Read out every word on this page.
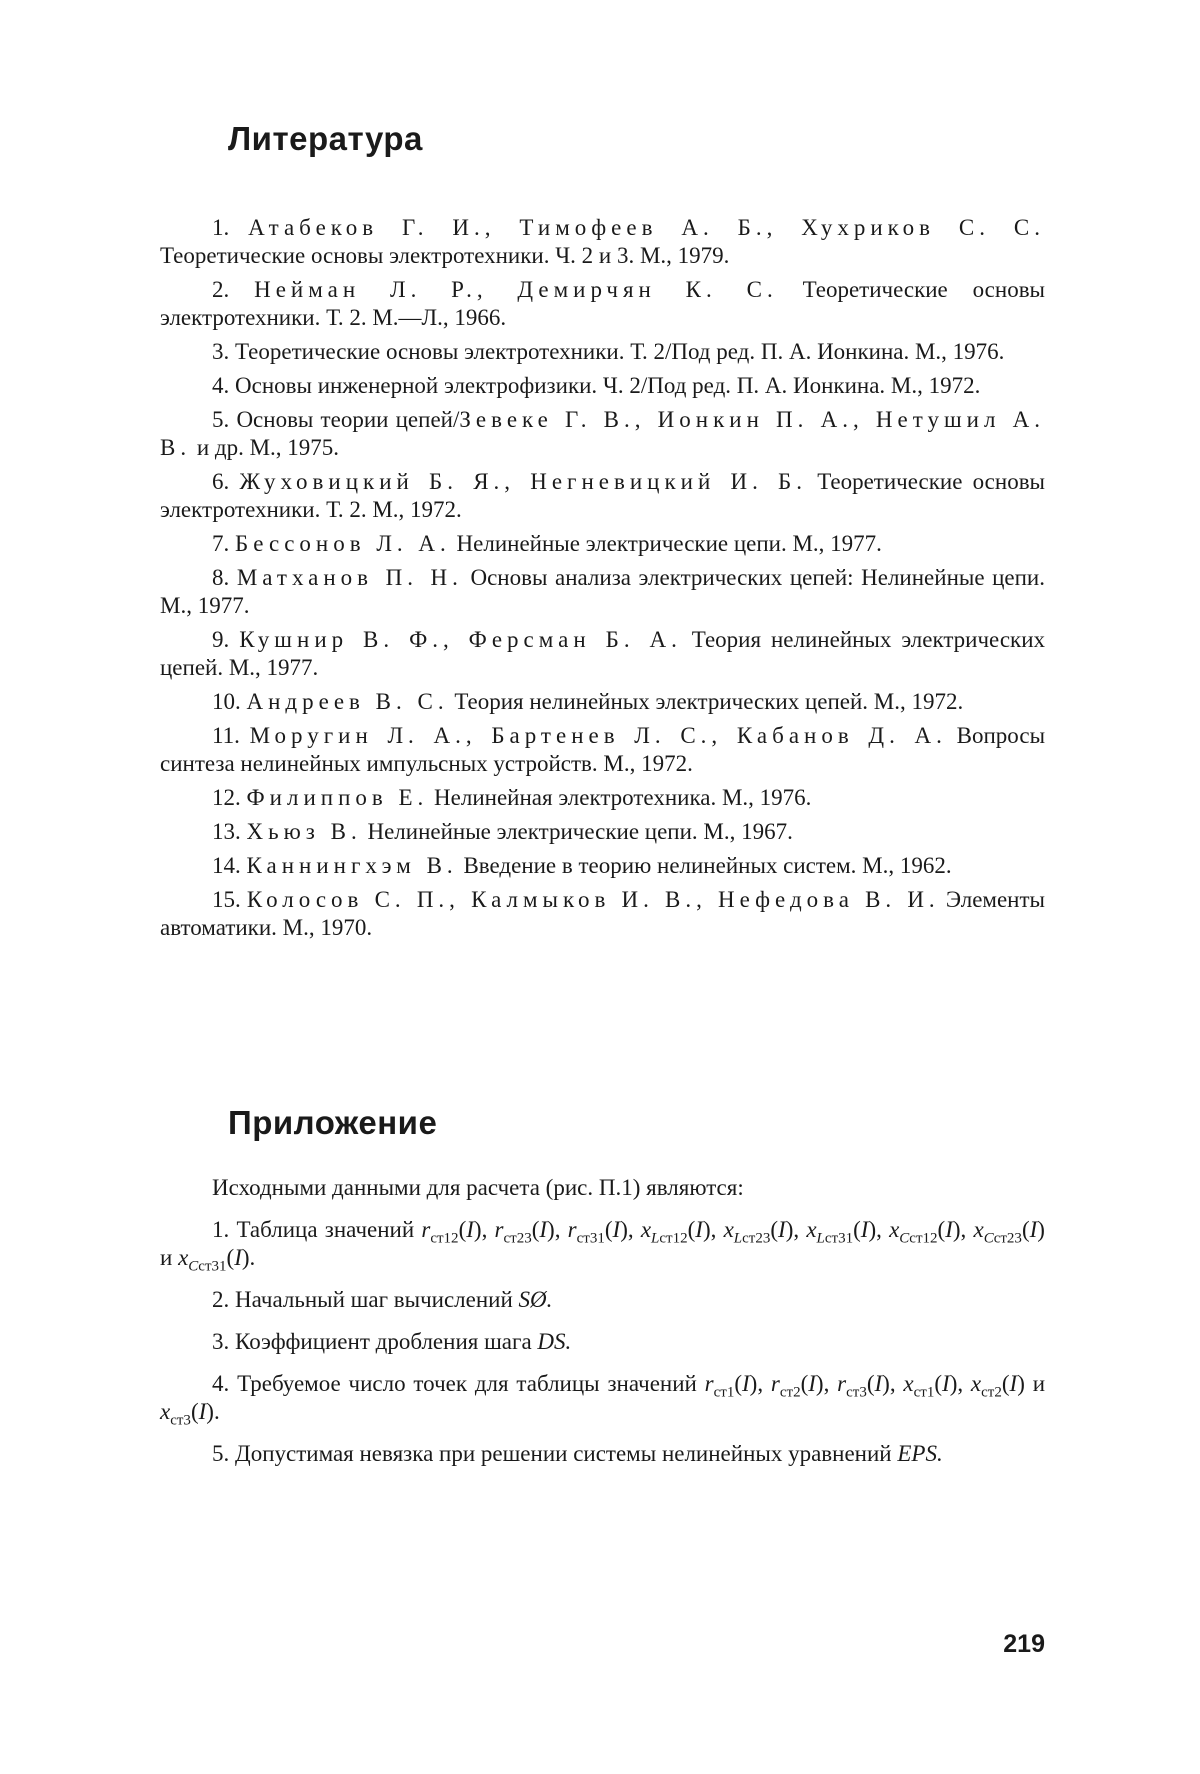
Литература

1. Атабеков Г. И., Тимофеев А. Б., Хухриков С. С. Теоретические основы электротехники. Ч. 2 и 3. М., 1979.

2. Нейман Л. Р., Демирчян К. С. Теоретические основы электротехники. Т. 2. М.—Л., 1966.

3. Теоретические основы электротехники. Т. 2/Под ред. П. А. Ионкина. М., 1976.

4. Основы инженерной электрофизики. Ч. 2/Под ред. П. А. Ионкина. М., 1972.

5. Основы теории цепей/Зевеке Г. В., Ионкин П. А., Нетушил А. В. и др. М., 1975.

6. Жуховицкий Б. Я., Негневицкий И. Б. Теоретические основы электротехники. Т. 2. М., 1972.

7. Бессонов Л. А. Нелинейные электрические цепи. М., 1977.

8. Матханов П. Н. Основы анализа электрических цепей: Нелинейные цепи. М., 1977.

9. Кушнир В. Ф., Ферсман Б. А. Теория нелинейных электрических цепей. М., 1977.

10. Андреев В. С. Теория нелинейных электрических цепей. М., 1972.

11. Моругин Л. А., Бартенев Л. С., Кабанов Д. А. Вопросы синтеза нелинейных импульсных устройств. М., 1972.

12. Филиппов Е. Нелинейная электротехника. М., 1976.

13. Хьюз В. Нелинейные электрические цепи. М., 1967.

14. Каннингхэм В. Введение в теорию нелинейных систем. М., 1962.

15. Колосов С. П., Калмыков И. В., Нефедова В. И. Элементы автоматики. М., 1970.

Приложение

Исходными данными для расчета (рис. П.1) являются:

1. Таблица значений $r_{ст12}(I)$, $r_{ст23}(I)$, $r_{ст31}(I)$, $x_{Lст12}(I)$, $x_{Lст23}(I)$, $x_{Lст31}(I)$, $x_{Cст12}(I)$, $x_{Cст23}(I)$ и $x_{Cст31}(I)$.

2. Начальный шаг вычислений SØ.

3. Коэффициент дробления шага DS.

4. Требуемое число точек для таблицы значений $r_{ст1}(I)$, $r_{ст2}(I)$, $r_{ст3}(I)$, $x_{ст1}(I)$, $x_{ст2}(I)$ и $x_{ст3}(I)$.

5. Допустимая невязка при решении системы нелинейных уравнений EPS.

219
